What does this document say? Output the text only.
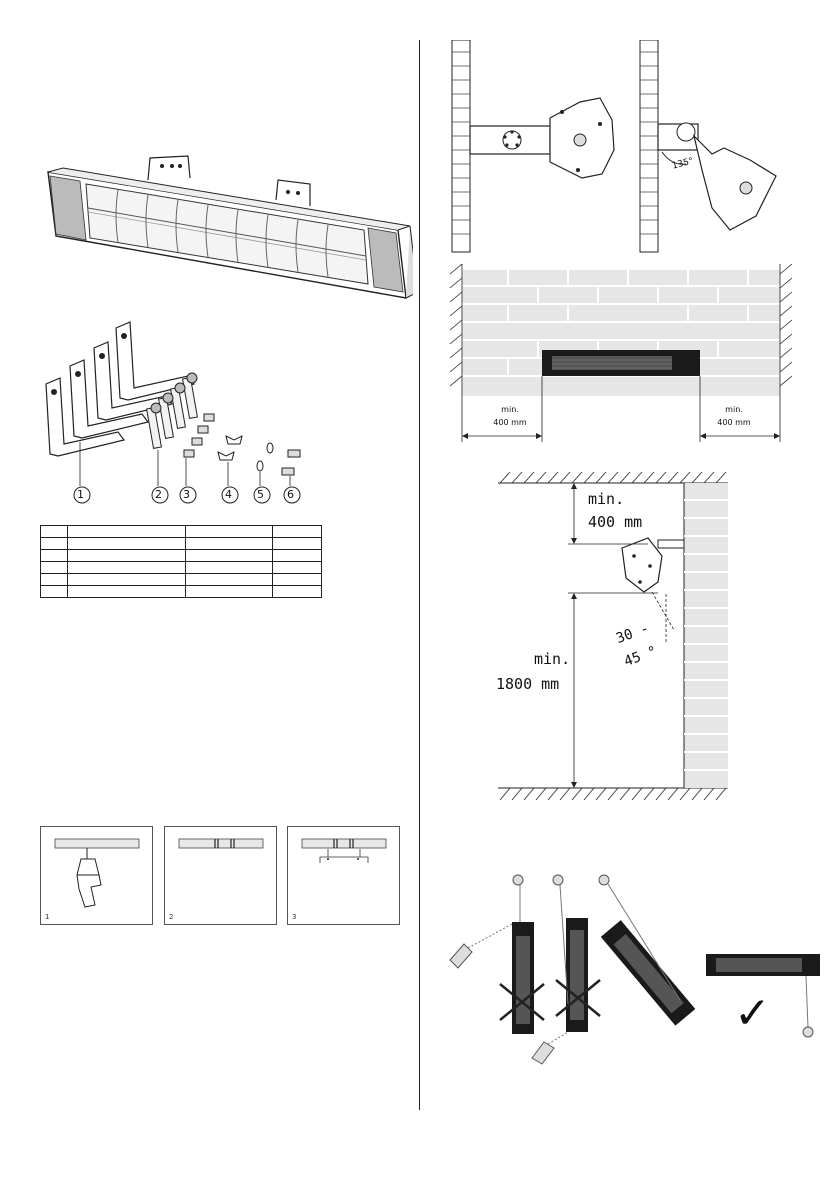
1	2 3	4 5 6

1	2	3
135°
min.
400 mm
min.
400 mm
min.
400 mm
min.
1800 mm
30 -
45 °
✓
